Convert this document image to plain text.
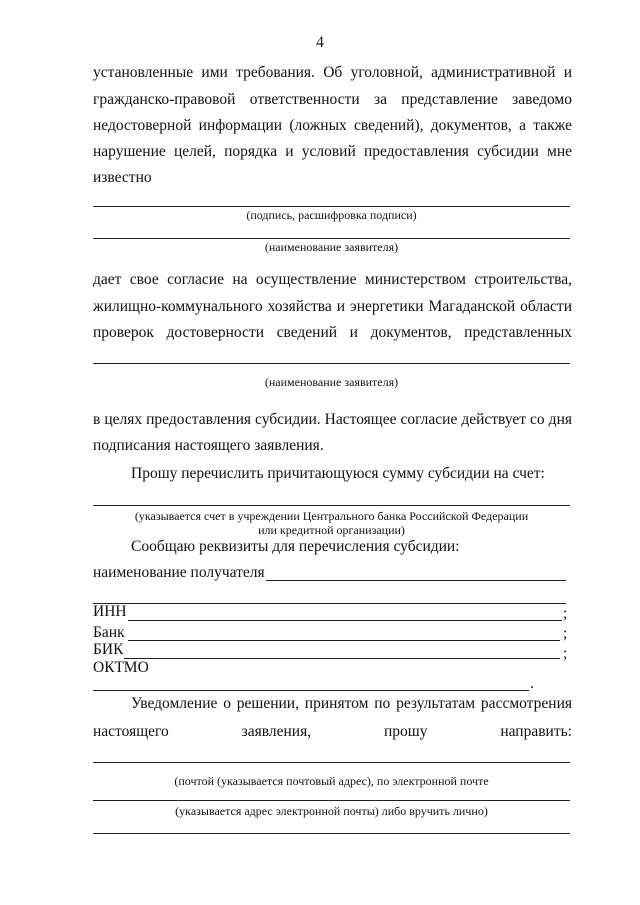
4
установленные ими требования. Об уголовной, административной и
гражданско-правовой ответственности за представление заведомо
недостоверной информации (ложных сведений), документов, а также
нарушение целей, порядка и условий предоставления субсидии мне
известно
(подпись, расшифровка подписи)
(наименование заявителя)
дает свое согласие на осуществление министерством строительства,
жилищно-коммунального хозяйства и энергетики Магаданской области
проверок достоверности сведений и документов, представленных
(наименование заявителя)
в целях предоставления субсидии. Настоящее согласие действует со дня
подписания настоящего заявления.
Прошу перечислить причитающуюся сумму субсидии на счет:
(указывается счет в учреждении Центрального банка Российской Федерации
или кредитной организации)
Сообщаю реквизиты для перечисления субсидии:
наименование получателя
ИНН	;
Банк	;
БИК	;
ОКТМО
.
Уведомление о решении, принятом по результатам рассмотрения
настоящего заявления, прошу направить:
(почтой (указывается почтовый адрес), по электронной почте
(указывается адрес электронной почты) либо вручить лично)
